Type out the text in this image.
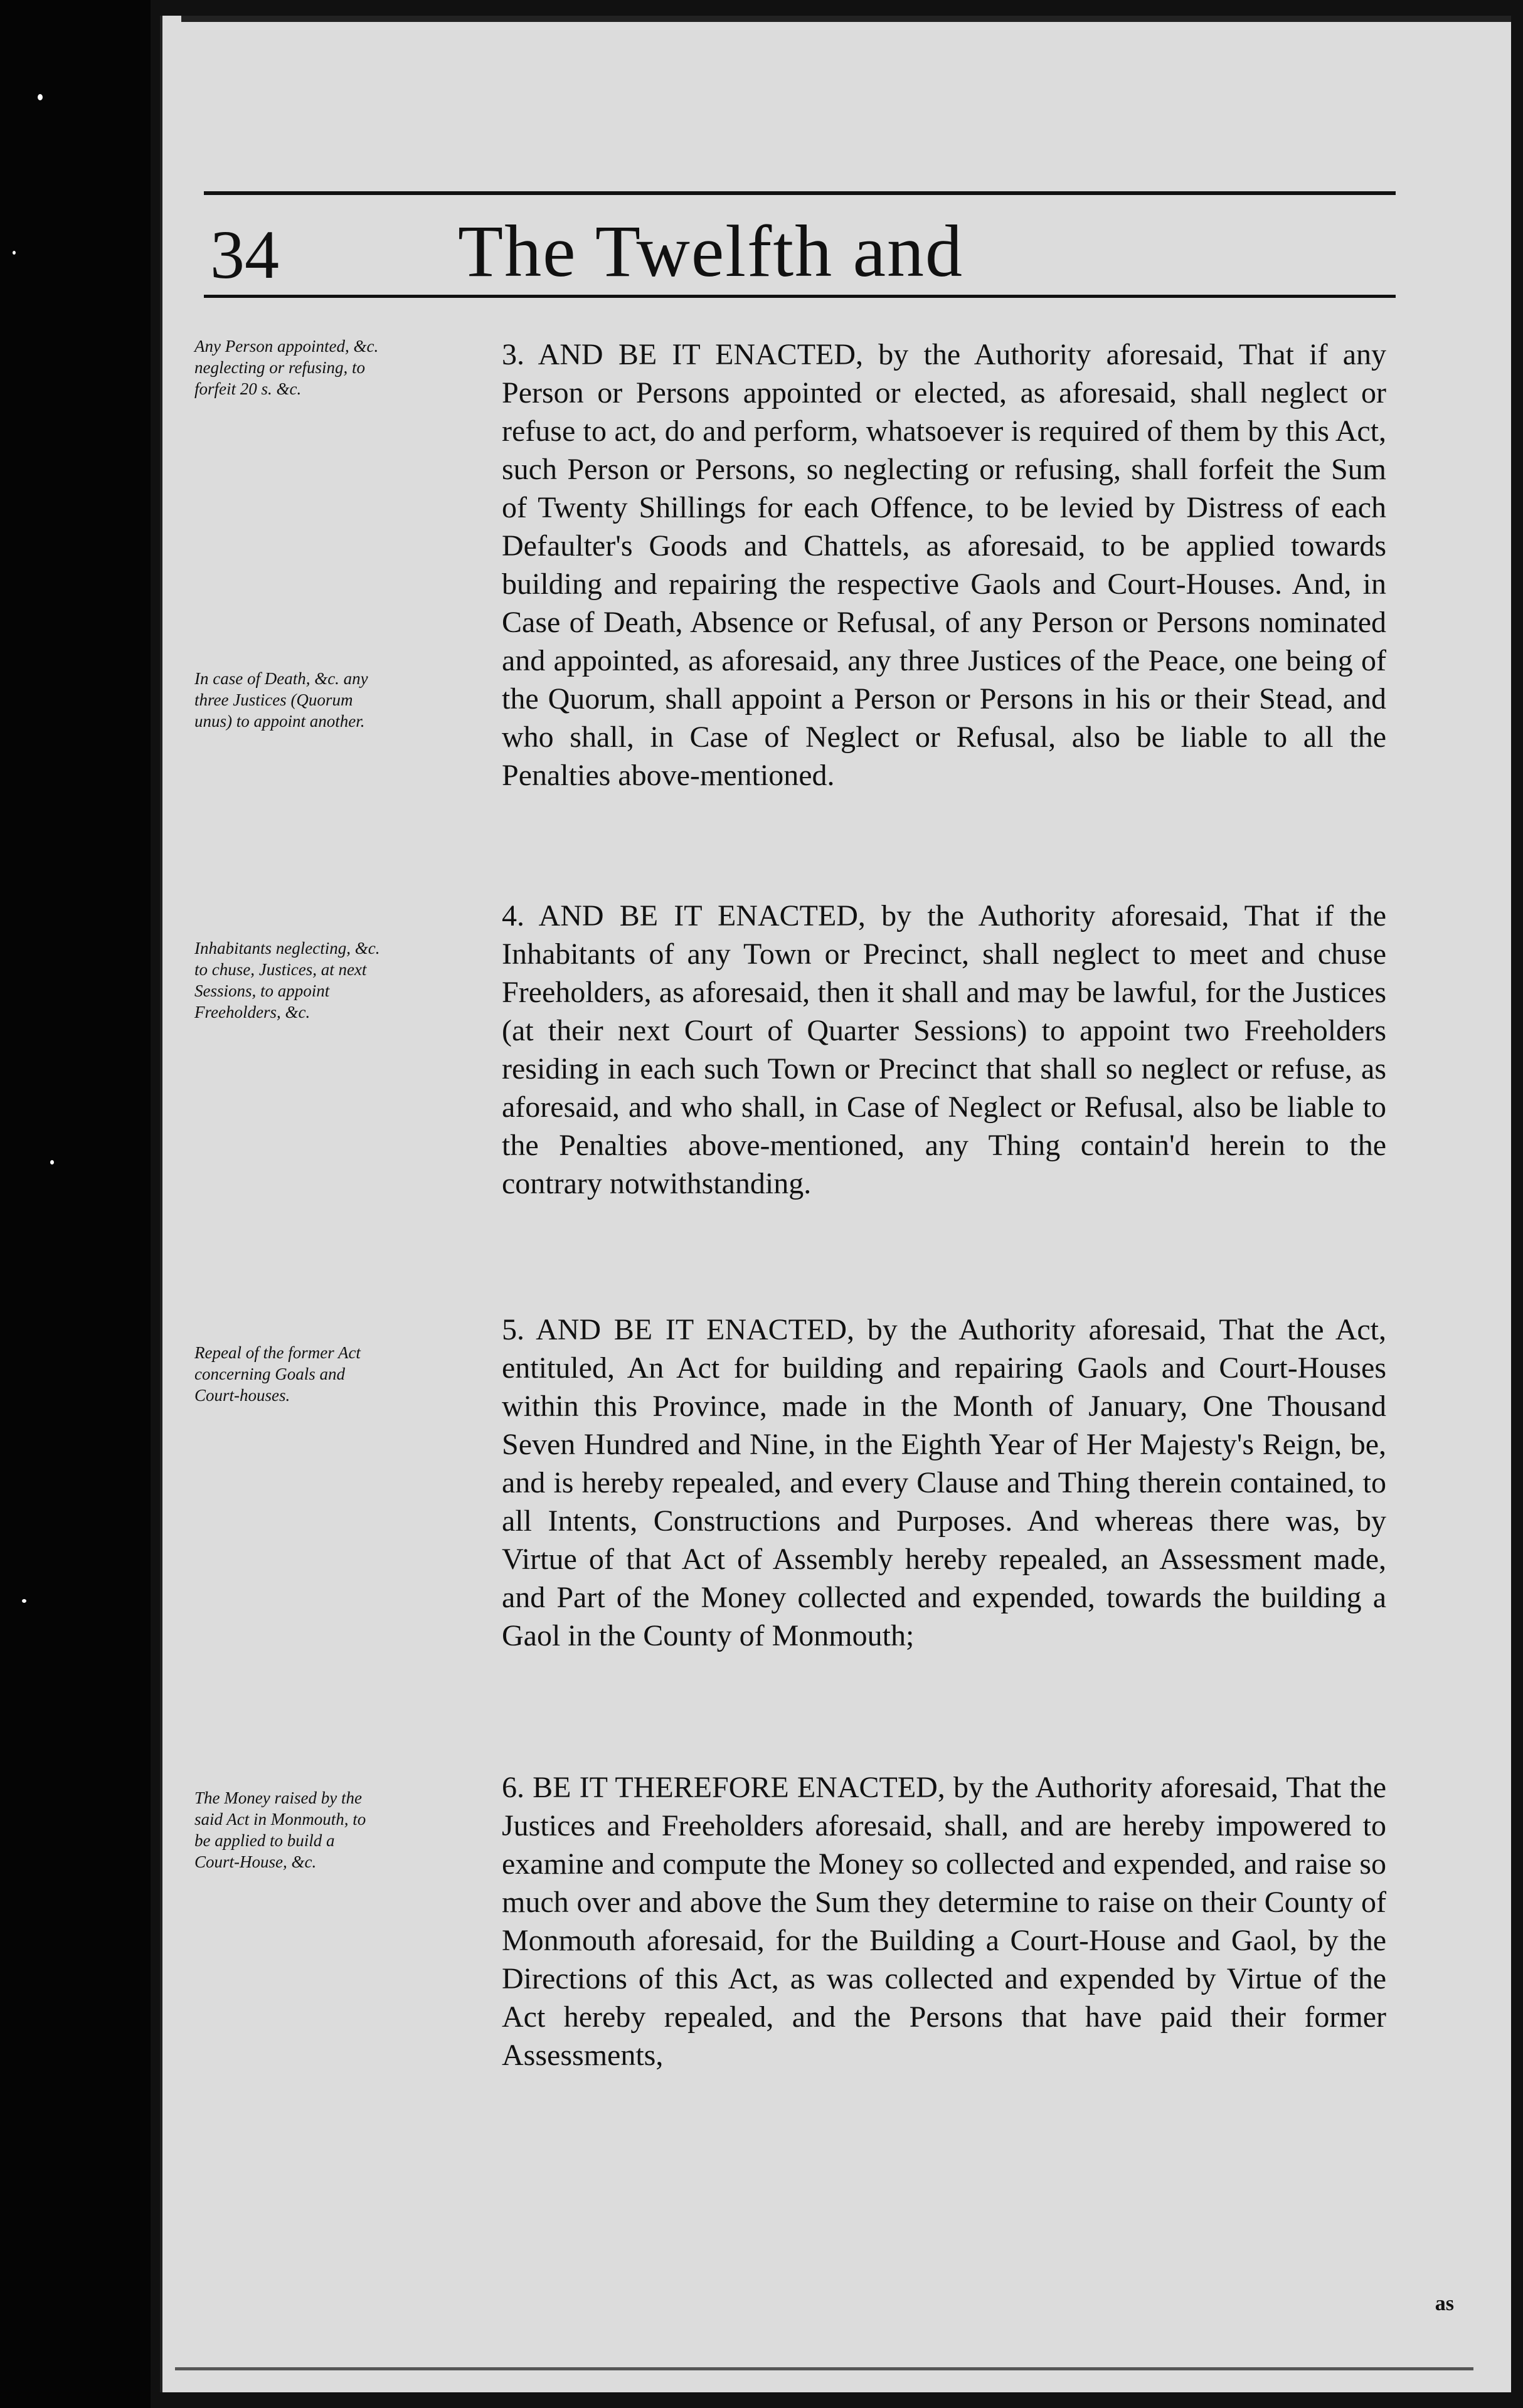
34 The Twelfth and
Any Person appointed, &c. neglecting or refusing, to forfeit 20 s. &c.
In case of Death, &c. any three Justices (Quorum unus) to appoint another.
3. AND BE IT ENACTED, by the Authority aforesaid, That if any Person or Persons appointed or elected, as aforesaid, shall neglect or refuse to act, do and perform, whatsoever is required of them by this Act, such Person or Persons, so neglecting or refusing, shall forfeit the Sum of Twenty Shillings for each Offence, to be levied by Distress of each Defaulter's Goods and Chattels, as aforesaid, to be applied towards building and repairing the respective Gaols and Court-Houses. And, in Case of Death, Absence or Refusal, of any Person or Persons nominated and appointed, as aforesaid, any three Justices of the Peace, one being of the Quorum, shall appoint a Person or Persons in his or their Stead, and who shall, in Case of Neglect or Refusal, also be liable to all the Penalties above-mentioned.
Inhabitants neglecting, &c. to chuse, Justices, at next Sessions, to appoint Freeholders, &c.
4. AND BE IT ENACTED, by the Authority aforesaid, That if the Inhabitants of any Town or Precinct, shall neglect to meet and chuse Freeholders, as aforesaid, then it shall and may be lawful, for the Justices (at their next Court of Quarter Sessions) to appoint two Freeholders residing in each such Town or Precinct that shall so neglect or refuse, as aforesaid, and who shall, in Case of Neglect or Refusal, also be liable to the Penalties above-mentioned, any Thing contain'd herein to the contrary notwithstanding.
Repeal of the former Act concerning Goals and Court-houses.
5. AND BE IT ENACTED, by the Authority aforesaid, That the Act, entituled, An Act for building and repairing Gaols and Court-Houses within this Province, made in the Month of January, One Thousand Seven Hundred and Nine, in the Eighth Year of Her Majesty's Reign, be, and is hereby repealed, and every Clause and Thing therein contained, to all Intents, Constructions and Purposes. And whereas there was, by Virtue of that Act of Assembly hereby repealed, an Assessment made, and Part of the Money collected and expended, towards the building a Gaol in the County of Monmouth;
The Money raised by the said Act in Monmouth, to be applied to build a Court-House, &c.
6. BE IT THEREFORE ENACTED, by the Authority aforesaid, That the Justices and Freeholders aforesaid, shall, and are hereby impowered to examine and compute the Money so collected and expended, and raise so much over and above the Sum they determine to raise on their County of Monmouth aforesaid, for the Building a Court-House and Gaol, by the Directions of this Act, as was collected and expended by Virtue of the Act hereby repealed, and the Persons that have paid their former Assessments,
as
